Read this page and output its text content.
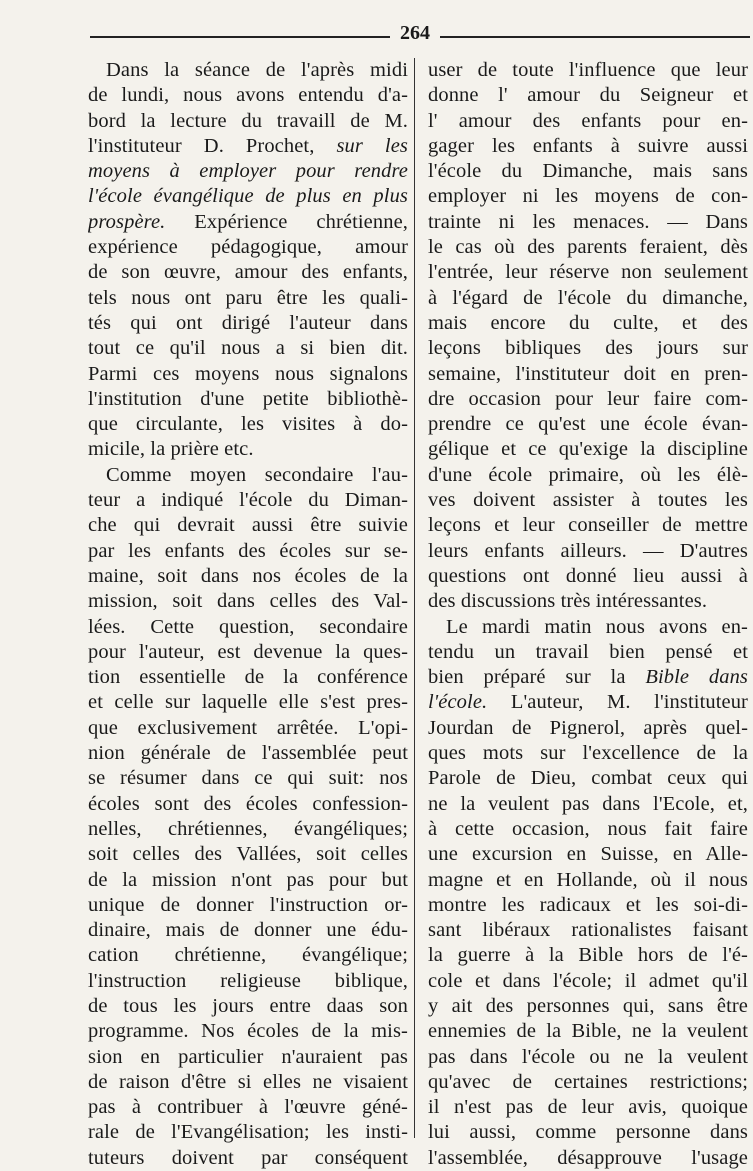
264
Dans la séance de l'après midi
de lundi, nous avons entendu d'a-
bord la lecture du travaill de M.
l'instituteur D. Prochet, sur les
moyens à employer pour rendre
l'école évangélique de plus en plus
prospère. Expérience chrétienne,
expérience pédagogique, amour
de son œuvre, amour des enfants,
tels nous ont paru être les quali-
tés qui ont dirigé l'auteur dans
tout ce qu'il nous a si bien dit.
Parmi ces moyens nous signalons
l'institution d'une petite bibliothè-
que circulante, les visites à do-
micile, la prière etc.
Comme moyen secondaire l'au-
teur a indiqué l'école du Diman-
che qui devrait aussi être suivie
par les enfants des écoles sur se-
maine, soit dans nos écoles de la
mission, soit dans celles des Val-
lées. Cette question, secondaire
pour l'auteur, est devenue la ques-
tion essentielle de la conférence
et celle sur laquelle elle s'est pres-
que exclusivement arrêtée. L'opi-
nion générale de l'assemblée peut
se résumer dans ce qui suit: nos
écoles sont des écoles confession-
nelles, chrétiennes, évangéliques;
soit celles des Vallées, soit celles
de la mission n'ont pas pour but
unique de donner l'instruction or-
dinaire, mais de donner une édu-
cation chrétienne, évangélique;
l'instruction religieuse biblique,
de tous les jours entre daas son
programme. Nos écoles de la mis-
sion en particulier n'auraient pas
de raison d'être si elles ne visaient
pas à contribuer à l'œuvre géné-
rale de l'Evangélisation; les insti-
tuteurs doivent par conséquent
user de toute l'influence que leur
donne l' amour du Seigneur et
l' amour des enfants pour en-
gager les enfants à suivre aussi
l'école du Dimanche, mais sans
employer ni les moyens de con-
trainte ni les menaces. — Dans
le cas où des parents feraient, dès
l'entrée, leur réserve non seulement
à l'égard de l'école du dimanche,
mais encore du culte, et des
leçons bibliques des jours sur
semaine, l'instituteur doit en pren-
dre occasion pour leur faire com-
prendre ce qu'est une école évan-
gélique et ce qu'exige la discipline
d'une école primaire, où les élè-
ves doivent assister à toutes les
leçons et leur conseiller de mettre
leurs enfants ailleurs. — D'autres
questions ont donné lieu aussi à
des discussions très intéressantes.
Le mardi matin nous avons en-
tendu un travail bien pensé et
bien préparé sur la Bible dans
l'école. L'auteur, M. l'instituteur
Jourdan de Pignerol, après quel-
ques mots sur l'excellence de la
Parole de Dieu, combat ceux qui
ne la veulent pas dans l'Ecole, et,
à cette occasion, nous fait faire
une excursion en Suisse, en Alle-
magne et en Hollande, où il nous
montre les radicaux et les soi-di-
sant libéraux rationalistes faisant
la guerre à la Bible hors de l'é-
cole et dans l'école; il admet qu'il
y ait des personnes qui, sans être
ennemies de la Bible, ne la veulent
pas dans l'école ou ne la veulent
qu'avec de certaines restrictions;
il n'est pas de leur avis, quoique
lui aussi, comme personne dans
l'assemblée, désapprouve l'usage
